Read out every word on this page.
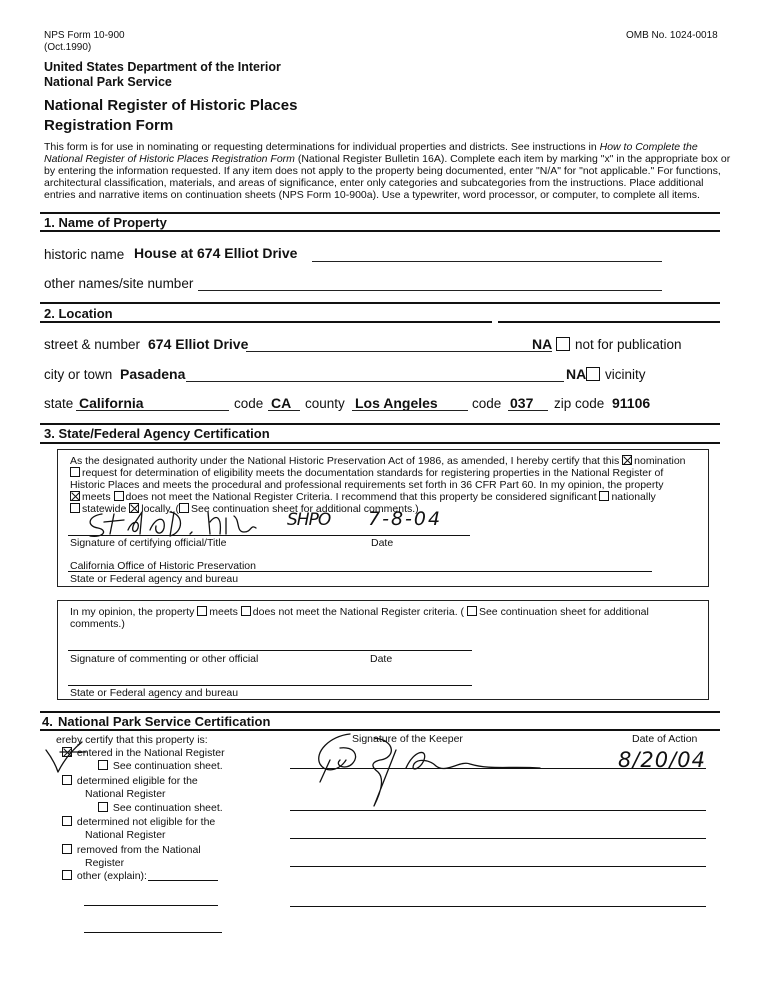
NPS Form 10-900
(Oct.1990)
OMB No. 1024-0018
United States Department of the Interior
National Park Service
National Register of Historic Places
Registration Form
This form is for use in nominating or requesting determinations for individual properties and districts. See instructions in How to Complete the
National Register of Historic Places Registration Form (National Register Bulletin 16A). Complete each item by marking "x" in the appropriate box or
by entering the information requested. If any item does not apply to the property being documented, enter "N/A" for "not applicable." For functions,
architectural classification, materials, and areas of significance, enter only categories and subcategories from the instructions. Place additional
entries and narrative items on continuation sheets (NPS Form 10-900a). Use a typewriter, word processor, or computer, to complete all items.
1. Name of Property
historic name House at 674 Elliot Drive
other names/site number
2. Location
street & number 674 Elliot Drive	NA not for publication
city or town Pasadena	NA vicinity
state California	code CA county Los Angeles	code 037 zip code 91106
3. State/Federal Agency Certification
As the designated authority under the National Historic Preservation Act of 1986, as amended, I hereby certify that this nomination
request for determination of eligibility meets the documentation standards for registering properties in the National Register of
Historic Places and meets the procedural and professional requirements set forth in 36 CFR Part 60. In my opinion, the property
meets does not meet the National Register Criteria. I recommend that this property be considered significant nationally
statewide locally. ( See continuation sheet for additional comments.)
SHPO 7-8-04
Signature of certifying official/Title	Date
California Office of Historic Preservation
State or Federal agency and bureau
In my opinion, the property meets does not meet the National Register criteria. ( See continuation sheet for additional
comments.)
Signature of commenting or other official	Date
State or Federal agency and bureau
4. National Park Service Certification
ereby certify that this property is:
entered in the National Register
See continuation sheet.
determined eligible for the
National Register
See continuation sheet.
determined not eligible for the
National Register
removed from the National
Register
other (explain):
Signature of the Keeper	Date of Action
8/20/04
